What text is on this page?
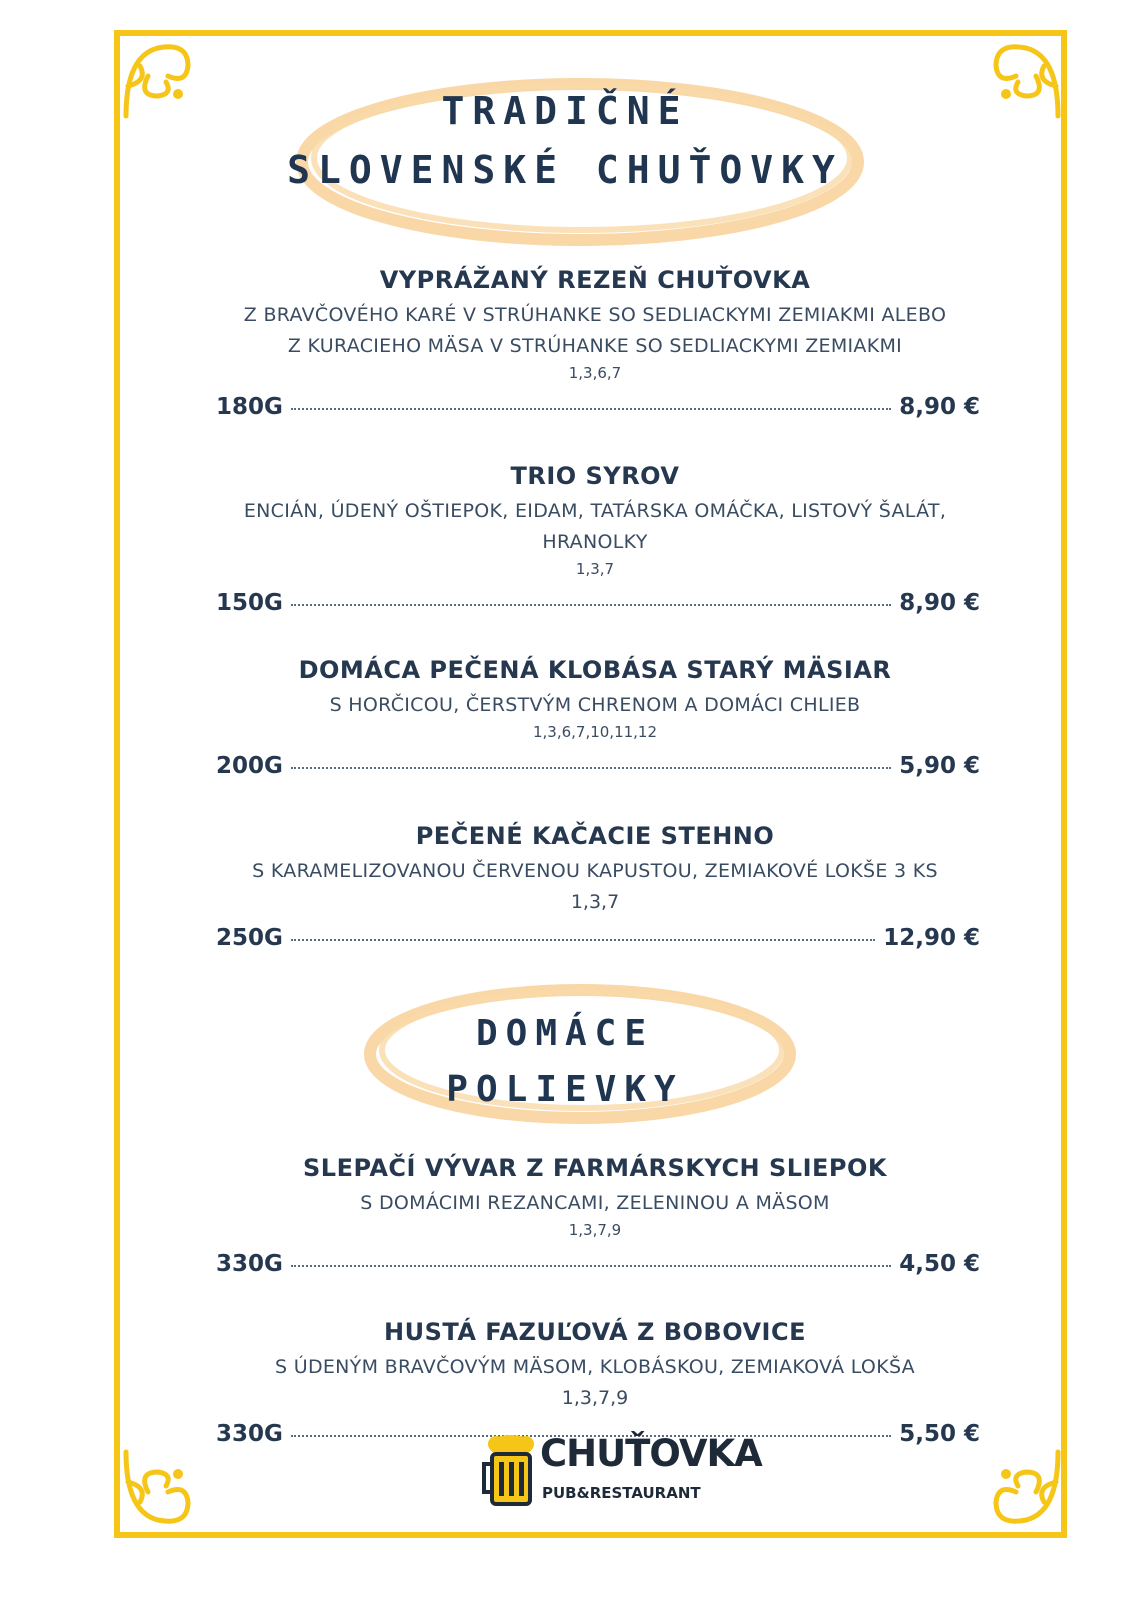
TRADIČNÉ
SLOVENSKÉ CHUŤOVKY
VYPRÁŽANÝ REZEŇ CHUŤOVKA
Z BRAVČOVÉHO KARÉ V STRÚHANKE SO SEDLIACKYMI ZEMIAKMI ALEBO
Z KURACIEHO MÄSA V STRÚHANKE SO SEDLIACKYMI ZEMIAKMI
1,3,6,7
180G	8,90 €
TRIO SYROV
ENCIÁN, ÚDENÝ OŠTIEPOK, EIDAM, TATÁRSKA OMÁČKA, LISTOVÝ ŠALÁT,
HRANOLKY
1,3,7
150G	8,90 €
DOMÁCA PEČENÁ KLOBÁSA STARÝ MÄSIAR
S HORČICOU, ČERSTVÝM CHRENOM A DOMÁCI CHLIEB
1,3,6,7,10,11,12
200G	5,90 €
PEČENÉ KAČACIE STEHNO
S KARAMELIZOVANOU ČERVENOU KAPUSTOU, ZEMIAKOVÉ LOKŠE 3 KS
1,3,7
250G	12,90 €
DOMÁCE
POLIEVKY
SLEPAČÍ VÝVAR Z FARMÁRSKYCH SLIEPOK
S DOMÁCIMI REZANCAMI, ZELENINOU A MÄSOM
1,3,7,9
330G	4,50 €
HUSTÁ FAZUĽOVÁ Z BOBOVICE
S ÚDENÝM BRAVČOVÝM MÄSOM, KLOBÁSKOU, ZEMIAKOVÁ LOKŠA
1,3,7,9
330G	5,50 €
CHUŤOVKA
PUB&RESTAURANT
